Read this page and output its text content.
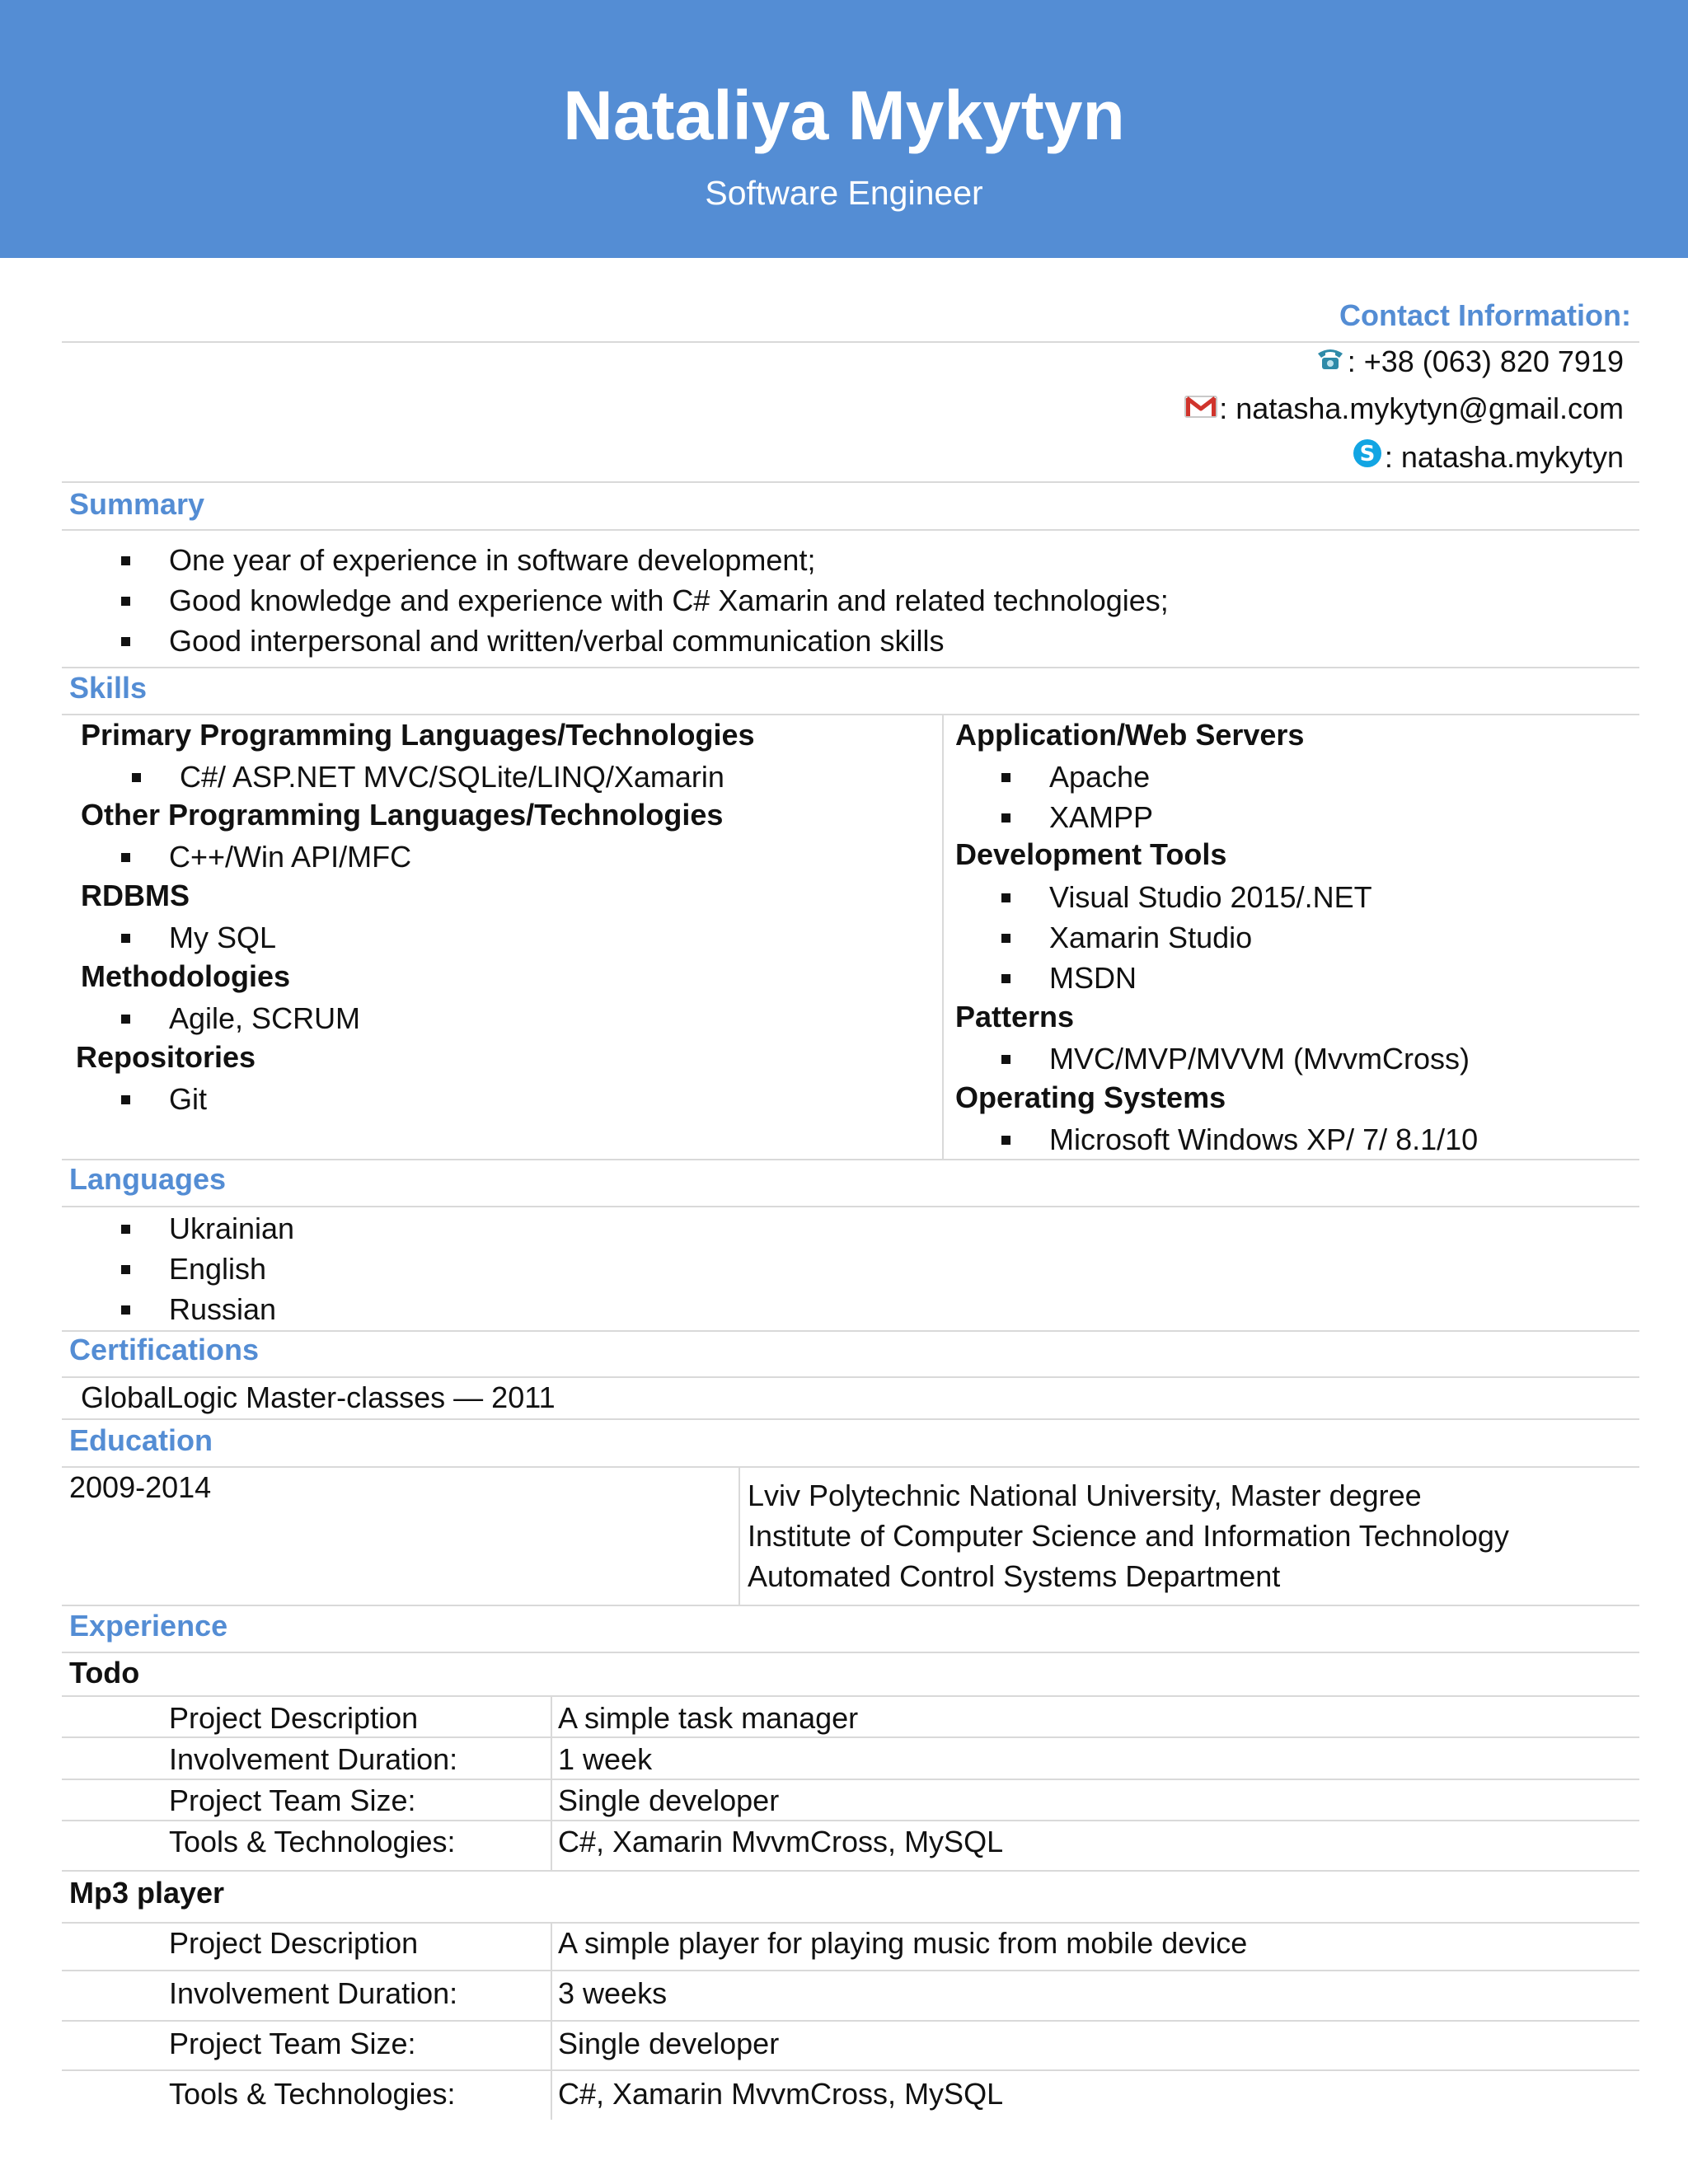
Nataliya Mykytyn
Software Engineer
Contact Information:
: +38 (063) 820 7919
: natasha.mykytyn@gmail.com
S : natasha.mykytyn
Summary
One year of experience in software development;
Good knowledge and experience with C# Xamarin and related technologies;
Good interpersonal and written/verbal communication skills
Skills
Primary Programming Languages/Technologies
C#/ ASP.NET MVC/SQLite/LINQ/Xamarin
Other Programming Languages/Technologies
C++/Win API/MFC
RDBMS
My SQL
Methodologies
Agile, SCRUM
Repositories
Git
Application/Web Servers
Apache
XAMPP
Development Tools
Visual Studio 2015/.NET
Xamarin Studio
MSDN
Patterns
MVC/MVP/MVVM (MvvmCross)
Operating Systems
Microsoft Windows XP/ 7/ 8.1/10
Languages
Ukrainian
English
Russian
Certifications
GlobalLogic Master-classes — 2011
Education
2009-2014	Lviv Polytechnic National University, Master degree
Institute of Computer Science and Information Technology
Automated Control Systems Department
Experience
Todo
Project Description	A simple task manager
Involvement Duration:	1 week
Project Team Size:	Single developer
Tools & Technologies:	C#, Xamarin MvvmCross, MySQL
Mp3 player
Project Description	A simple player for playing music from mobile device
Involvement Duration:	3 weeks
Project Team Size:	Single developer
Tools & Technologies:	C#, Xamarin MvvmCross, MySQL
